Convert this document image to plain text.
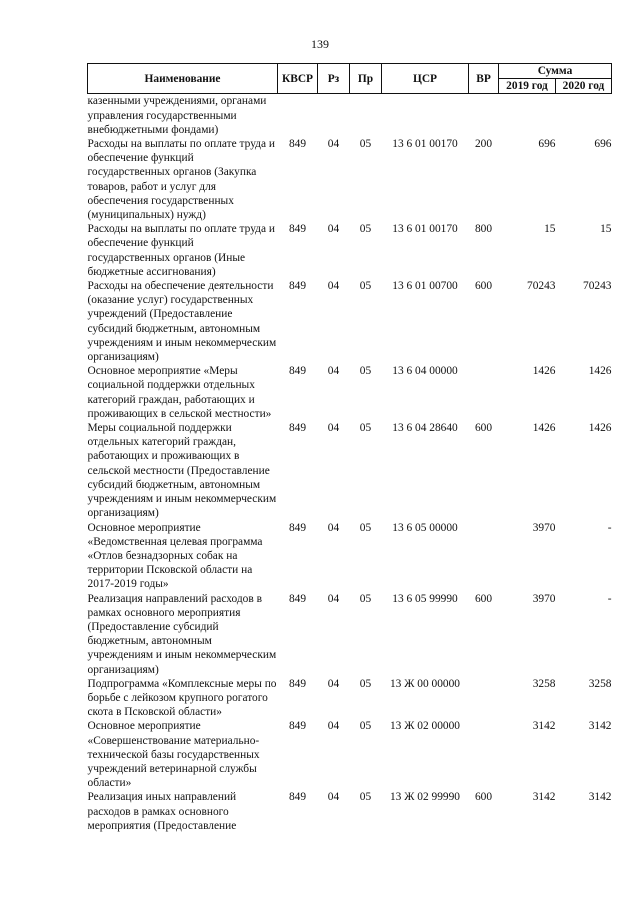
139
Наименование	КВСР	Рз	Пр	ЦСР	ВР	Сумма	
						2019 год	2020 год
казенными учреждениями, органами управления государственными внебюджетными фондами)							
Расходы на выплаты по оплате труда и обеспечение функций государственных органов (Закупка товаров, работ и услуг для обеспечения государственных (муниципальных) нужд)	849	04	05	13 6 01 00170	200	696	696
Расходы на выплаты по оплате труда и обеспечение функций государственных органов (Иные бюджетные ассигнования)	849	04	05	13 6 01 00170	800	15	15
Расходы на обеспечение деятельности (оказание услуг) государственных учреждений (Предоставление субсидий бюджетным, автономным учреждениям и иным некоммерческим организациям)	849	04	05	13 6 01 00700	600	70243	70243
Основное мероприятие «Меры социальной поддержки отдельных категорий граждан, работающих и проживающих в сельской местности»	849	04	05	13 6 04 00000		1426	1426
Меры социальной поддержки отдельных категорий граждан, работающих и проживающих в сельской местности (Предоставление субсидий бюджетным, автономным учреждениям и иным некоммерческим организациям)	849	04	05	13 6 04 28640	600	1426	1426
Основное мероприятие «Ведомственная целевая программа «Отлов безнадзорных собак на территории Псковской области на 2017-2019 годы»	849	04	05	13 6 05 00000		3970	-
Реализация направлений расходов в рамках основного мероприятия (Предоставление субсидий бюджетным, автономным учреждениям и иным некоммерческим организациям)	849	04	05	13 6 05 99990	600	3970	-
Подпрограмма «Комплексные меры по борьбе с лейкозом крупного рогатого скота в Псковской области»	849	04	05	13 Ж 00 00000		3258	3258
Основное мероприятие «Совершенствование материально-технической базы государственных учреждений ветеринарной службы области»	849	04	05	13 Ж 02 00000		3142	3142
Реализация иных направлений расходов в рамках основного мероприятия (Предоставление	849	04	05	13 Ж 02 99990	600	3142	3142
